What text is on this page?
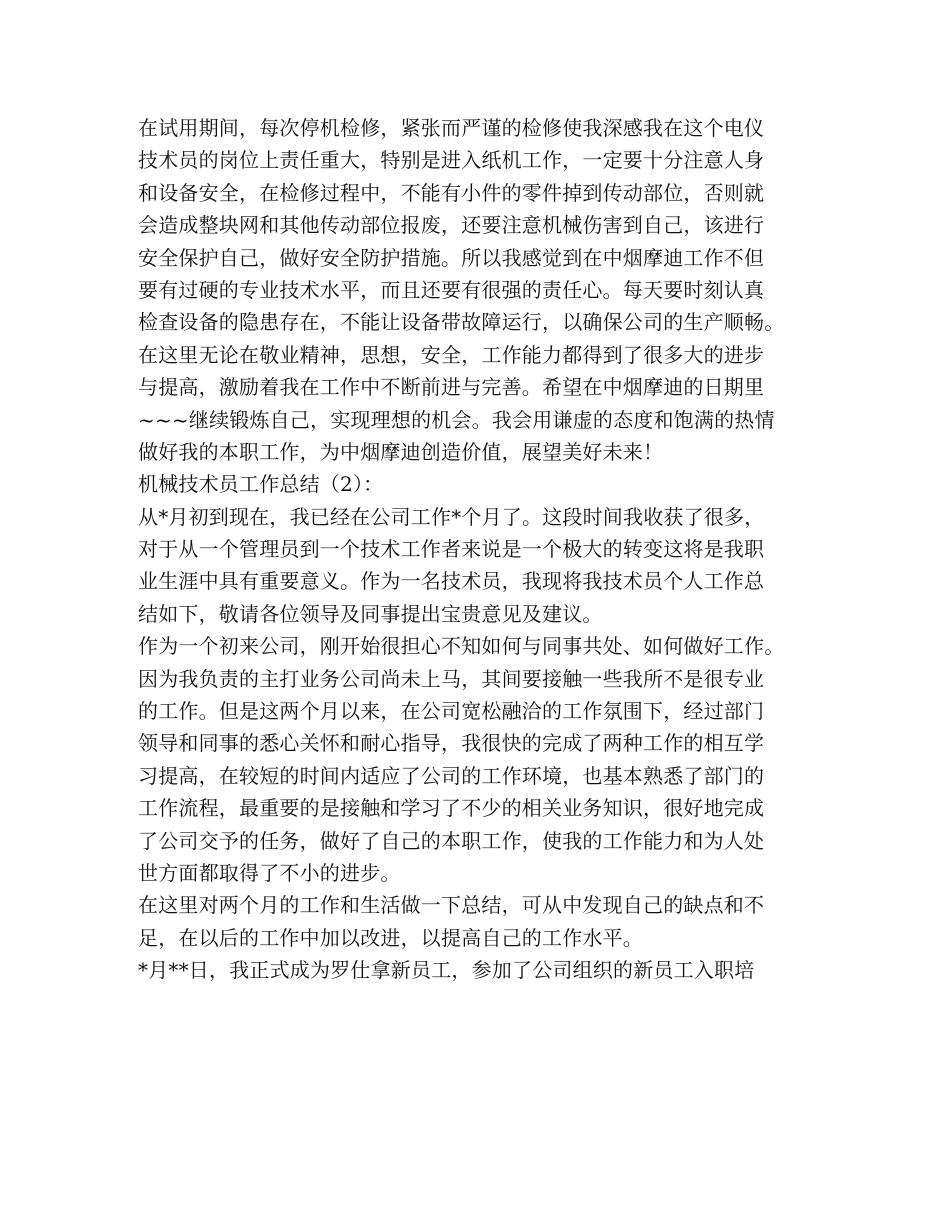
在试用期间，每次停机检修，紧张而严谨的检修使我深感我在这个电仪
技术员的岗位上责任重大，特别是进入纸机工作，一定要十分注意人身
和设备安全，在检修过程中，不能有小件的零件掉到传动部位，否则就
会造成整块网和其他传动部位报废，还要注意机械伤害到自己，该进行
安全保护自己，做好安全防护措施。所以我感觉到在中烟摩迪工作不但
要有过硬的专业技术水平，而且还要有很强的责任心。每天要时刻认真
检查设备的隐患存在，不能让设备带故障运行，以确保公司的生产顺畅。
在这里无论在敬业精神，思想，安全，工作能力都得到了很多大的进步
与提高，激励着我在工作中不断前进与完善。希望在中烟摩迪的日期里
~~~继续锻炼自己，实现理想的机会。我会用谦虚的态度和饱满的热情
做好我的本职工作，为中烟摩迪创造价值，展望美好未来！
机械技术员工作总结（2）：
从*月初到现在，我已经在公司工作*个月了。这段时间我收获了很多，
对于从一个管理员到一个技术工作者来说是一个极大的转变这将是我职
业生涯中具有重要意义。作为一名技术员，我现将我技术员个人工作总
结如下，敬请各位领导及同事提出宝贵意见及建议。
作为一个初来公司，刚开始很担心不知如何与同事共处、如何做好工作。
因为我负责的主打业务公司尚未上马，其间要接触一些我所不是很专业
的工作。但是这两个月以来，在公司宽松融洽的工作氛围下，经过部门
领导和同事的悉心关怀和耐心指导，我很快的完成了两种工作的相互学
习提高，在较短的时间内适应了公司的工作环境，也基本熟悉了部门的
工作流程，最重要的是接触和学习了不少的相关业务知识，很好地完成
了公司交予的任务，做好了自己的本职工作，使我的工作能力和为人处
世方面都取得了不小的进步。
在这里对两个月的工作和生活做一下总结，可从中发现自己的缺点和不
足，在以后的工作中加以改进，以提高自己的工作水平。
*月**日，我正式成为罗仕拿新员工，参加了公司组织的新员工入职培
